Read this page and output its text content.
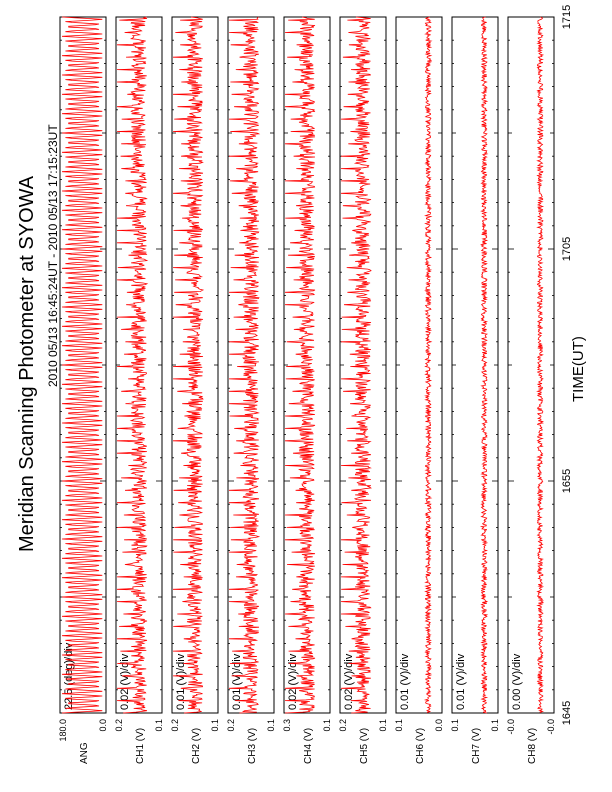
Meridian Scanning Photometer at SYOWA 2010 05/13 16:45:24UT - 2010 05/13 17:15:23UT	TIME(UT)
1645
1655
1705
1715
180.0	0.0
ANG
22.5 (deg)/div
0.2	0.1
CH1 (V)
0.02 (V)/div
0.2	0.1
CH2 (V)
0.01 (V)/div
0.2	0.1
CH3 (V)
0.01 (V)/div
0.3	0.1
CH4 (V)
0.02 (V)/div
0.2	0.1
CH5 (V)
0.02 (V)/div
0.1	0.0
CH6 (V)
0.01 (V)/div
0.1	0.1
CH7 (V)
0.01 (V)/div
-0.0	-0.0
CH8 (V)
0.00 (V)/div
